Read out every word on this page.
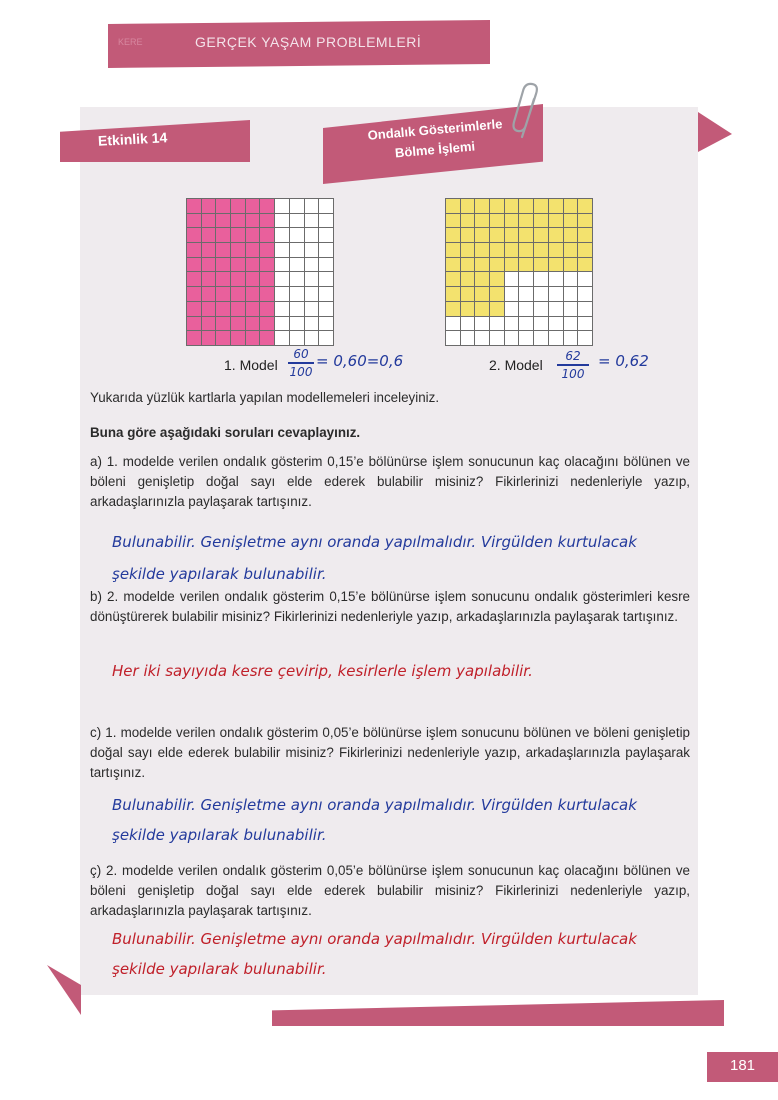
KERE	GERÇEK YAŞAM PROBLEMLERİ
Etkinlik 14	Ondalık Gösterimlerle
Bölme İşlemi
1. Model
60
100
= 0,60=0,6	2. Model
62
100
= 0,62
Yukarıda yüzlük kartlarla yapılan modellemeleri inceleyiniz.
Buna göre aşağıdaki soruları cevaplayınız.
a) 1. modelde verilen ondalık gösterim 0,15’e bölünürse işlem sonucunun kaç olacağını bölünen ve böleni genişletip doğal sayı elde ederek bulabilir misiniz? Fikirlerinizi nedenleriyle yazıp, arkadaşlarınızla paylaşarak tartışınız.
Bulunabilir. Genişletme aynı oranda yapılmalıdır. Virgülden kurtulacak
şekilde yapılarak bulunabilir.
b) 2. modelde verilen ondalık gösterim 0,15’e bölünürse işlem sonucunu ondalık gösterimleri kesre dönüştürerek bulabilir misiniz? Fikirlerinizi nedenleriyle yazıp, arkadaşlarınızla paylaşarak tartışınız.
Her iki sayıyıda kesre çevirip, kesirlerle işlem yapılabilir.
c) 1. modelde verilen ondalık gösterim 0,05’e bölünürse işlem sonucunu bölünen ve böleni genişletip doğal sayı elde ederek bulabilir misiniz? Fikirlerinizi nedenleriyle yazıp, arkadaşlarınızla paylaşarak tartışınız.
Bulunabilir. Genişletme aynı oranda yapılmalıdır. Virgülden kurtulacak
şekilde yapılarak bulunabilir.
ç) 2. modelde verilen ondalık gösterim 0,05’e bölünürse işlem sonucunun kaç olacağını bölünen ve böleni genişletip doğal sayı elde ederek bulabilir misiniz? Fikirlerinizi nedenleriyle yazıp, arkadaşlarınızla paylaşarak tartışınız.
Bulunabilir. Genişletme aynı oranda yapılmalıdır. Virgülden kurtulacak
şekilde yapılarak bulunabilir.
181
